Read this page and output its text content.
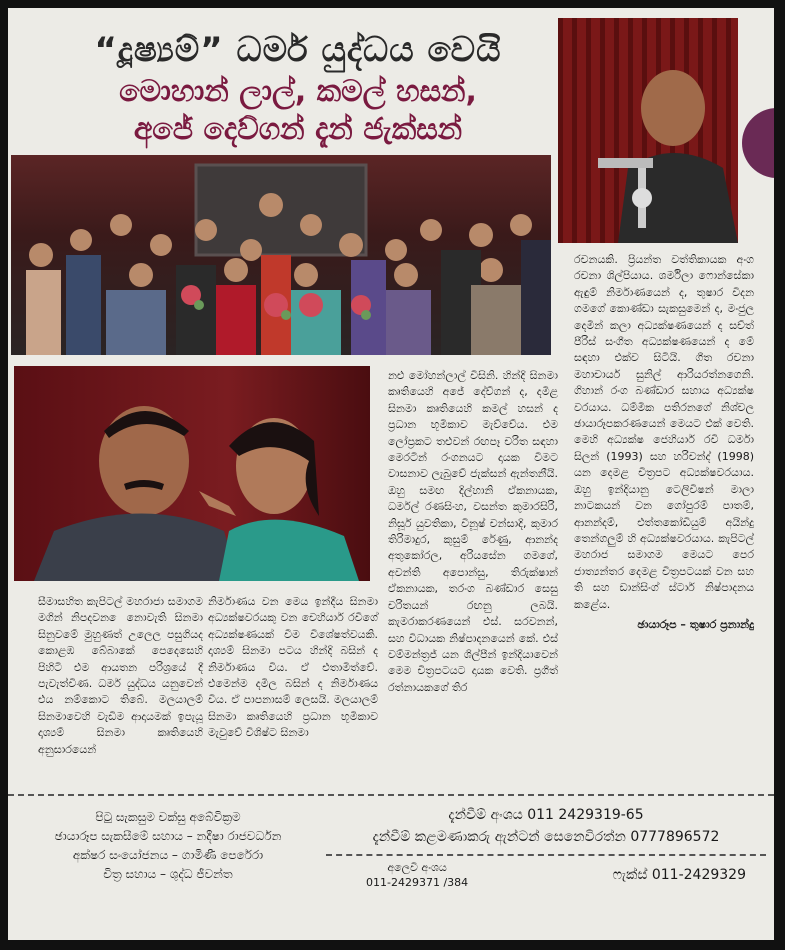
“දූෂ්‍යම්” ධර්ම යුද්ධය වෙයි
මොහාන් ලාල්, කමල් හසන්,
අජේ දෙව්ගන් දැන් ජැක්සන්
සීමාසහිත කැපිටල් මහරාජා සමාගම මගින් නිපදවන ෙනොවැති සිනමා සිනුවමේ මුහුණත් උලෙල පසුගියද කොළඹ බේබාකේ පෙදෙසෙහි පිහිටි එම ආයතන පරිශ්‍රයේ දී පැවැත්විණ. ධර්ම යුද්ධය යනුවෙන් එය නම්කොට තිබේ. මලයාලම් සිනමාවෙහි වැඩිම ආදායමක් ඉපැයූ දෘශ්‍යම් සිනමා කෘතියෙහි අනුසාරයෙන්
නිර්මාණය වන මෙය ඉන්දීය සිනමා අධ්‍යක්ෂවරයකු වන චෙහියාර් රවීගේ අධ්‍යක්ෂණයක් වීම විශේෂත්වයකි. දෘශ්‍යම් සිනමා පටය හින්දි බසින් ද නිර්මාණය විය. ඒ එතාමිත්වේ. එමෙන්ම දමිල බසින් ද නිර්මාණය විය. ඒ පාපනාසම් ලෙසයි. මලයාලම් සිනමා කෘතියෙහි ප්‍රධාන භූමිකාව මැවුවේ විශිෂ්ට සිනමා
නළු මෝහන්ලාල් විසිනි. හින්දි සිනමා කෘතියෙහි අජේ දේව්ගන් ද, දමිළ සිනමා කෘතියෙහි කමල් හසන් ද ප්‍රධාන භූමිකාව මැව්වේය. එම ලෝප්‍රකට තළුවන් රඟපෑ චරිත සඳහා මෙරටින් රංගනයට දායක වීමට වාසනාව ලැබුවේ ජැක්සන් ඇන්තනීයි. ඔහු සමඟ දිල්හානි ඒකනායක, ධර්මල් රණසිංහ, වසන්ත කුමාරසිරි, නිසූර් යුවතිකා, විනූෂ් චන්සාදි, කුමාර තිරිමාදුර, කුසුම් රේණු, ආනන්ද අතුකෝරල, අරියසේන ගමගේ, අවන්ති අපොන්සු, තිරුක්ෂාන් ඒකනායක, තරංග බණ්ඩාර සෙසු චරිතයන් රඟනු ලබයි. කැමරාකරණයෙන් එස්. සරවනන්, සහ විධායක නිෂ්පාදනයෙන් කේ. එස් වම්මන්ත්‍රජ් යන ශිල්පීන් ඉන්දියාවෙන් මෙම චිත්‍රපටයට දායක වෙති. ප්‍රගීත් රත්නායකගේ තිර
රචනයකි. ප්‍රියන්ත වත්තිකායක අංග රචනා ශිල්පියාය. ශර්මිලා ෆොන්සේකා ඇඳුම් නිර්මාණයෙන් ද, තුෂාර විදන ගමගේ කොණ්ඩා සැකසුමෙන් ද, මංජුල දෙමින් කලා අධ්‍යක්ෂණයෙන් ද සච්ත් පීරිස් සංගීත අධ්‍යක්ෂණයෙන් ද මේ සඳහා එක්ව සිටියි. ගීත රචනා මහාචාර්ය සුනිල් ආරියරත්නගෙනි. ගිහාන් රංග බණ්ඩාර සහාය අධ්‍යක්ෂ වරයාය. ධම්මික පතිරනගේ නිශ්චල ඡායාරූපකරණයෙන් මෙයට එක් වෙති. මෙහි අධ්‍යක්ෂ ජෙහියාර් රවි ධර්මා සිලන් (1993) සහ හරිචන්ද් (1998) යන දෙමළ චිත්‍රපට අධ්‍යක්ෂවරයාය. ඔහු ඉන්දියානු ටෙලිවිෂන් මාලා නාටකයන් වන ගෝපුරම් පාතම්, ආනන්දම්, එත්තකෝඩියුම් අයින්දු තෙන්ගලුම් හි අධ්‍යක්ෂවරයාය. කැපිටල් මහරාජ සමාගම මෙයට පෙර ජාත්‍යන්තර දෙමළ චිත්‍රපටයක් වන සහ ති සහ ඩාන්සිංග් ස්ටාර් නිෂ්පාදනය කළේය.
ඡායාරූප – තුෂාර ප්‍රනාන්දු
පිටු සැකසුම චක්සු අබේවික්‍රම
ඡායාරූප සැකසීමේ සහාය – නදීෂා රාජවර්ධන
අක්ෂර සංයෝජනය – ගාමිණී පෙරේරා
චිත්‍ර සහාය – ශුද්ධ ජීවන්ත
දැන්වීම් අංශය 011 2429319-65
දැන්වීම් කළමණාකරු ඇන්ටන් සෙනෙවිරත්න 0777896572
අලෙවි අංශය
011-2429371 /384	ෆැක්ස් 011-2429329
